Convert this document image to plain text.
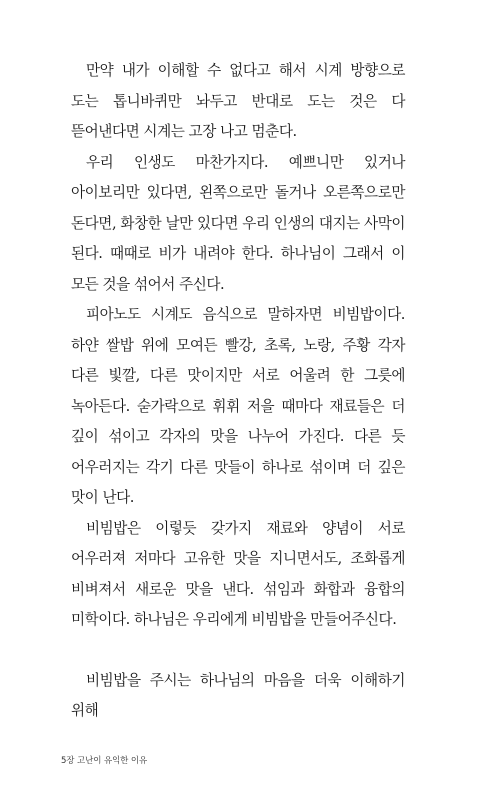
만약 내가 이해할 수 없다고 해서 시계 방향으로 도는 톱니바퀴만 놔두고 반대로 도는 것은 다 뜯어낸다면 시계는 고장 나고 멈춘다.

우리 인생도 마찬가지다. 예쁘니만 있거나 아이보리만 있다면, 왼쪽으로만 돌거나 오른쪽으로만 돈다면, 화창한 날만 있다면 우리 인생의 대지는 사막이 된다. 때때로 비가 내려야 한다. 하나님이 그래서 이 모든 것을 섞어서 주신다.

피아노도 시계도 음식으로 말하자면 비빔밥이다. 하얀 쌀밥 위에 모여든 빨강, 초록, 노랑, 주황 각자 다른 빛깔, 다른 맛이지만 서로 어울려 한 그릇에 녹아든다. 숟가락으로 휘휘 저을 때마다 재료들은 더 깊이 섞이고 각자의 맛을 나누어 가진다. 다른 듯 어우러지는 각기 다른 맛들이 하나로 섞이며 더 깊은 맛이 난다.

비빔밥은 이렇듯 갖가지 재료와 양념이 서로 어우러져 저마다 고유한 맛을 지니면서도, 조화롭게 비벼져서 새로운 맛을 낸다. 섞임과 화합과 융합의 미학이다. 하나님은 우리에게 비빔밥을 만들어주신다.

비빔밥을 주시는 하나님의 마음을 더욱 이해하기 위해

5장 고난이 유익한 이유
